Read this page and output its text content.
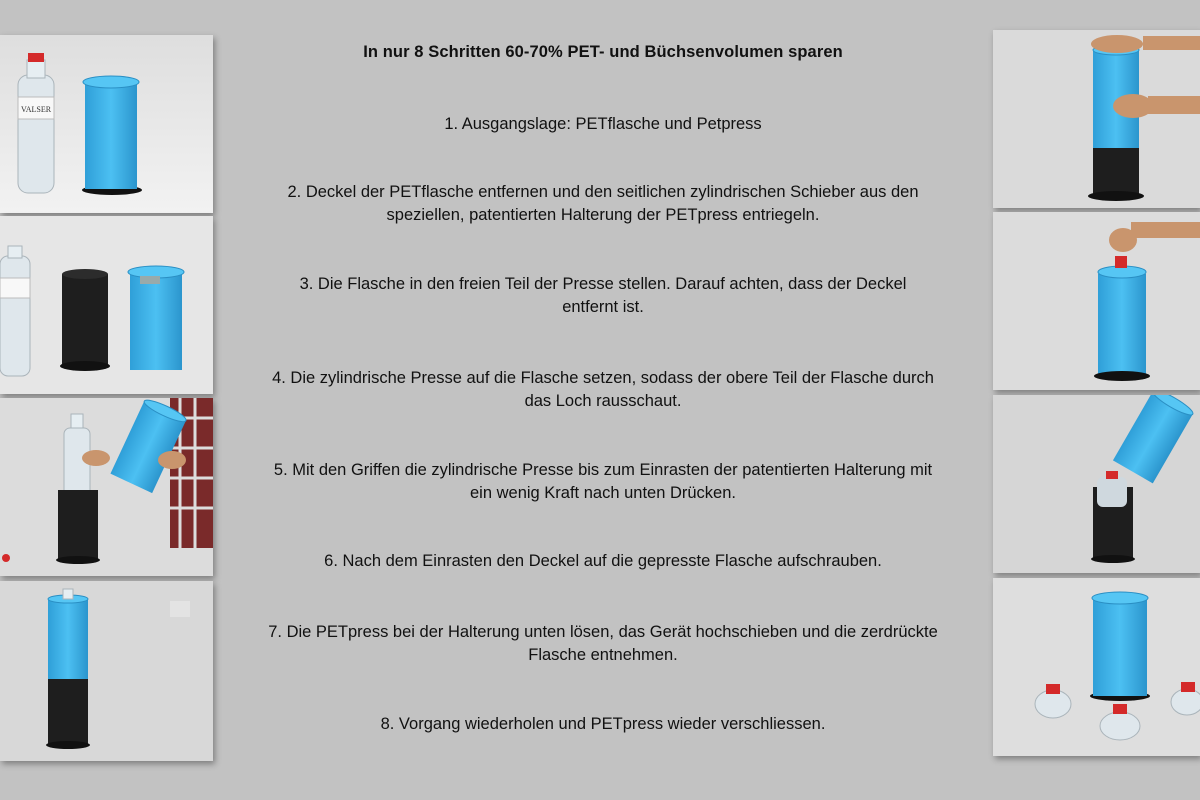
VALSER
In nur 8 Schritten 60-70% PET- und Büchsenvolumen sparen
1. Ausgangslage: PETflasche und Petpress
2. Deckel der PETflasche entfernen und den seitlichen zylindrischen Schieber aus den speziellen, patentierten Halterung der PETpress entriegeln.
3. Die Flasche in den freien Teil der Presse stellen. Darauf achten, dass der Deckel entfernt ist.
4. Die zylindrische Presse auf die Flasche setzen, sodass der obere Teil der Flasche durch das Loch rausschaut.
5. Mit den Griffen die zylindrische Presse bis zum Einrasten der patentierten Halterung mit ein wenig Kraft nach unten Drücken.
6. Nach dem Einrasten den Deckel auf die gepresste Flasche aufschrauben.
7. Die PETpress bei der Halterung unten lösen, das Gerät hochschieben und die zerdrückte Flasche entnehmen.
8. Vorgang wiederholen und PETpress wieder verschliessen.
